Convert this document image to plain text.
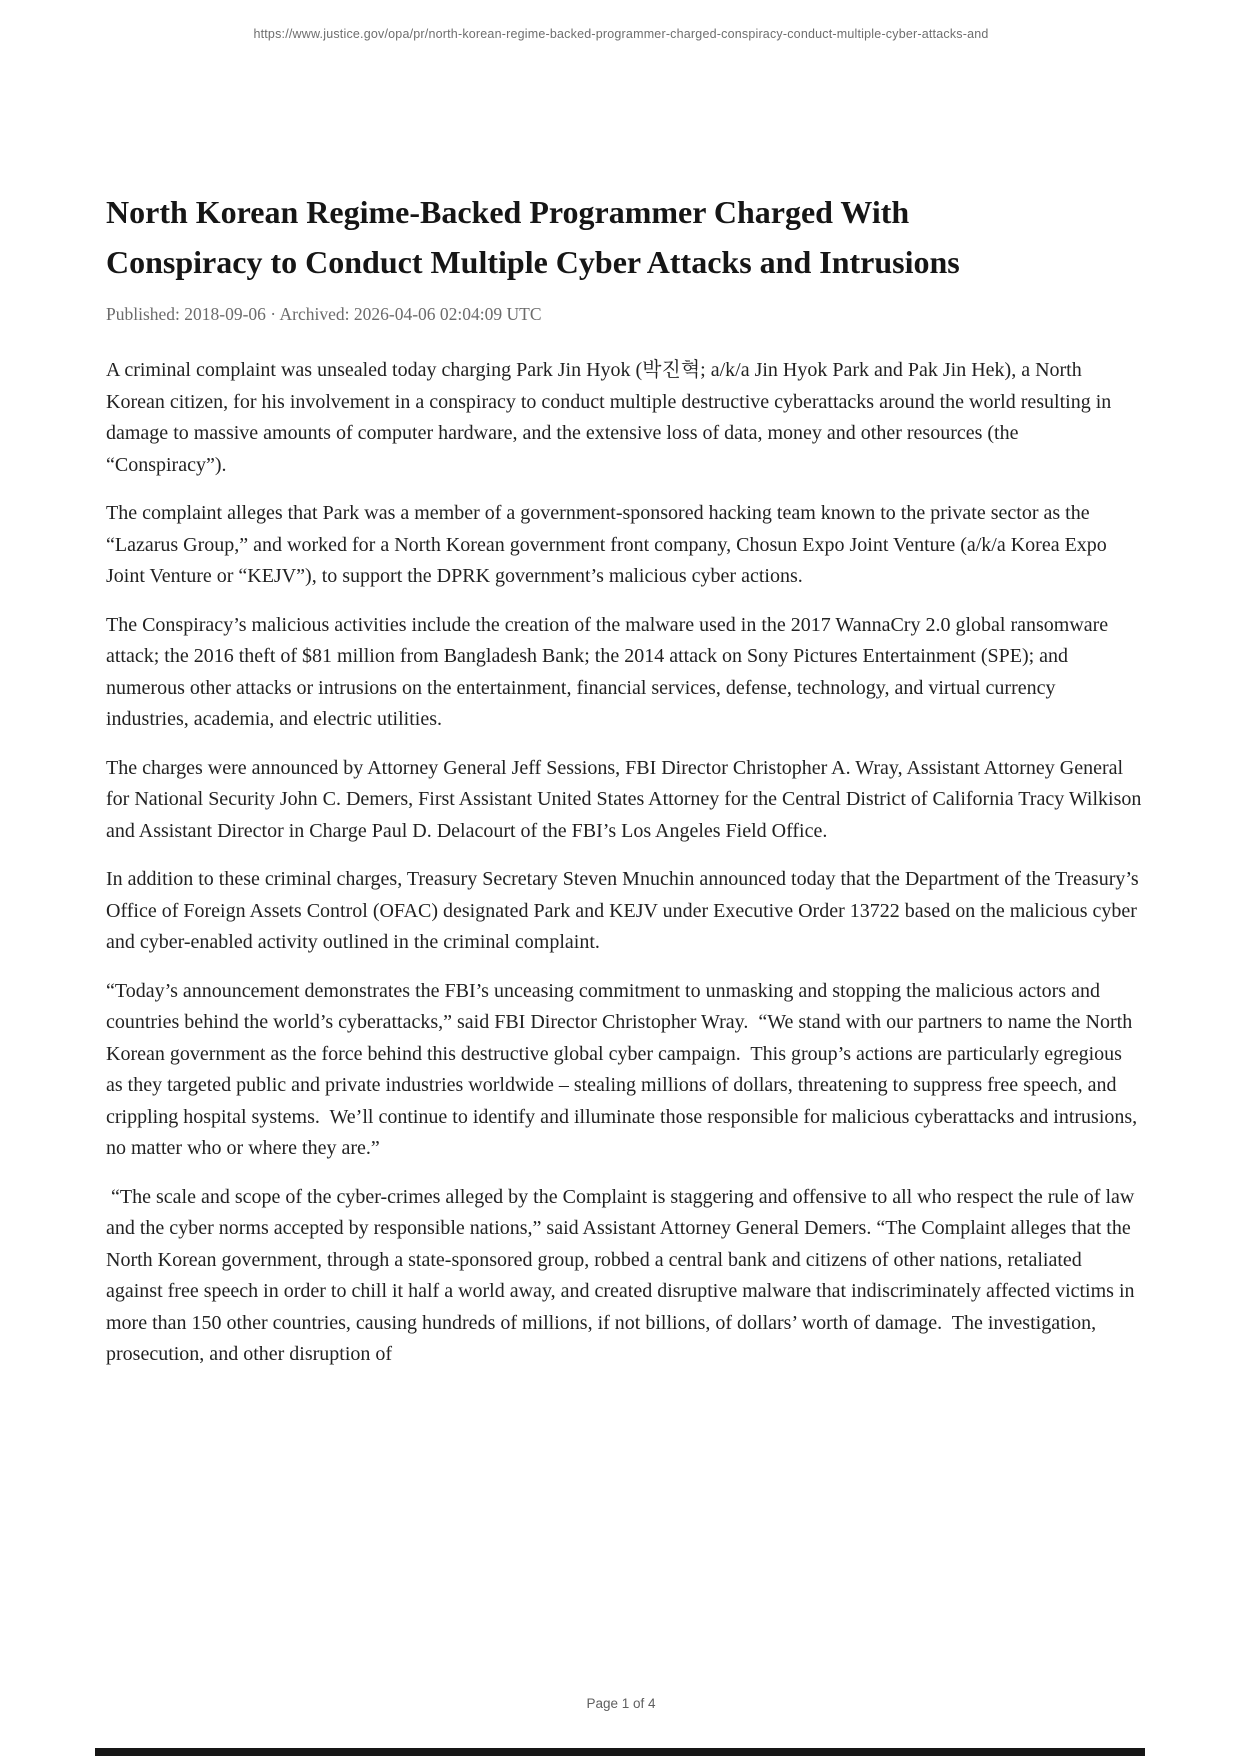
https://www.justice.gov/opa/pr/north-korean-regime-backed-programmer-charged-conspiracy-conduct-multiple-cyber-attacks-and
North Korean Regime-Backed Programmer Charged With
Conspiracy to Conduct Multiple Cyber Attacks and Intrusions
Published: 2018-09-06 · Archived: 2026-04-06 02:04:09 UTC

A criminal complaint was unsealed today charging Park Jin Hyok (박진혁; a/k/a Jin Hyok Park and Pak Jin Hek), a North Korean citizen, for his involvement in a conspiracy to conduct multiple destructive cyberattacks around the world resulting in damage to massive amounts of computer hardware, and the extensive loss of data, money and other resources (the “Conspiracy”).

The complaint alleges that Park was a member of a government-sponsored hacking team known to the private sector as the “Lazarus Group,” and worked for a North Korean government front company, Chosun Expo Joint Venture (a/k/a Korea Expo Joint Venture or “KEJV”), to support the DPRK government’s malicious cyber actions.

The Conspiracy’s malicious activities include the creation of the malware used in the 2017 WannaCry 2.0 global ransomware attack; the 2016 theft of $81 million from Bangladesh Bank; the 2014 attack on Sony Pictures Entertainment (SPE); and numerous other attacks or intrusions on the entertainment, financial services, defense, technology, and virtual currency industries, academia, and electric utilities.

The charges were announced by Attorney General Jeff Sessions, FBI Director Christopher A. Wray, Assistant Attorney General for National Security John C. Demers, First Assistant United States Attorney for the Central District of California Tracy Wilkison and Assistant Director in Charge Paul D. Delacourt of the FBI’s Los Angeles Field Office.

In addition to these criminal charges, Treasury Secretary Steven Mnuchin announced today that the Department of the Treasury’s Office of Foreign Assets Control (OFAC) designated Park and KEJV under Executive Order 13722 based on the malicious cyber and cyber-enabled activity outlined in the criminal complaint.

“Today’s announcement demonstrates the FBI’s unceasing commitment to unmasking and stopping the malicious actors and countries behind the world’s cyberattacks,” said FBI Director Christopher Wray.  “We stand with our partners to name the North Korean government as the force behind this destructive global cyber campaign.  This group’s actions are particularly egregious as they targeted public and private industries worldwide – stealing millions of dollars, threatening to suppress free speech, and crippling hospital systems.  We’ll continue to identify and illuminate those responsible for malicious cyberattacks and intrusions, no matter who or where they are.”

“The scale and scope of the cyber-crimes alleged by the Complaint is staggering and offensive to all who respect the rule of law and the cyber norms accepted by responsible nations,” said Assistant Attorney General Demers. “The Complaint alleges that the North Korean government, through a state-sponsored group, robbed a central bank and citizens of other nations, retaliated against free speech in order to chill it half a world away, and created disruptive malware that indiscriminately affected victims in more than 150 other countries, causing hundreds of millions, if not billions, of dollars’ worth of damage.  The investigation, prosecution, and other disruption of

Page 1 of 4
